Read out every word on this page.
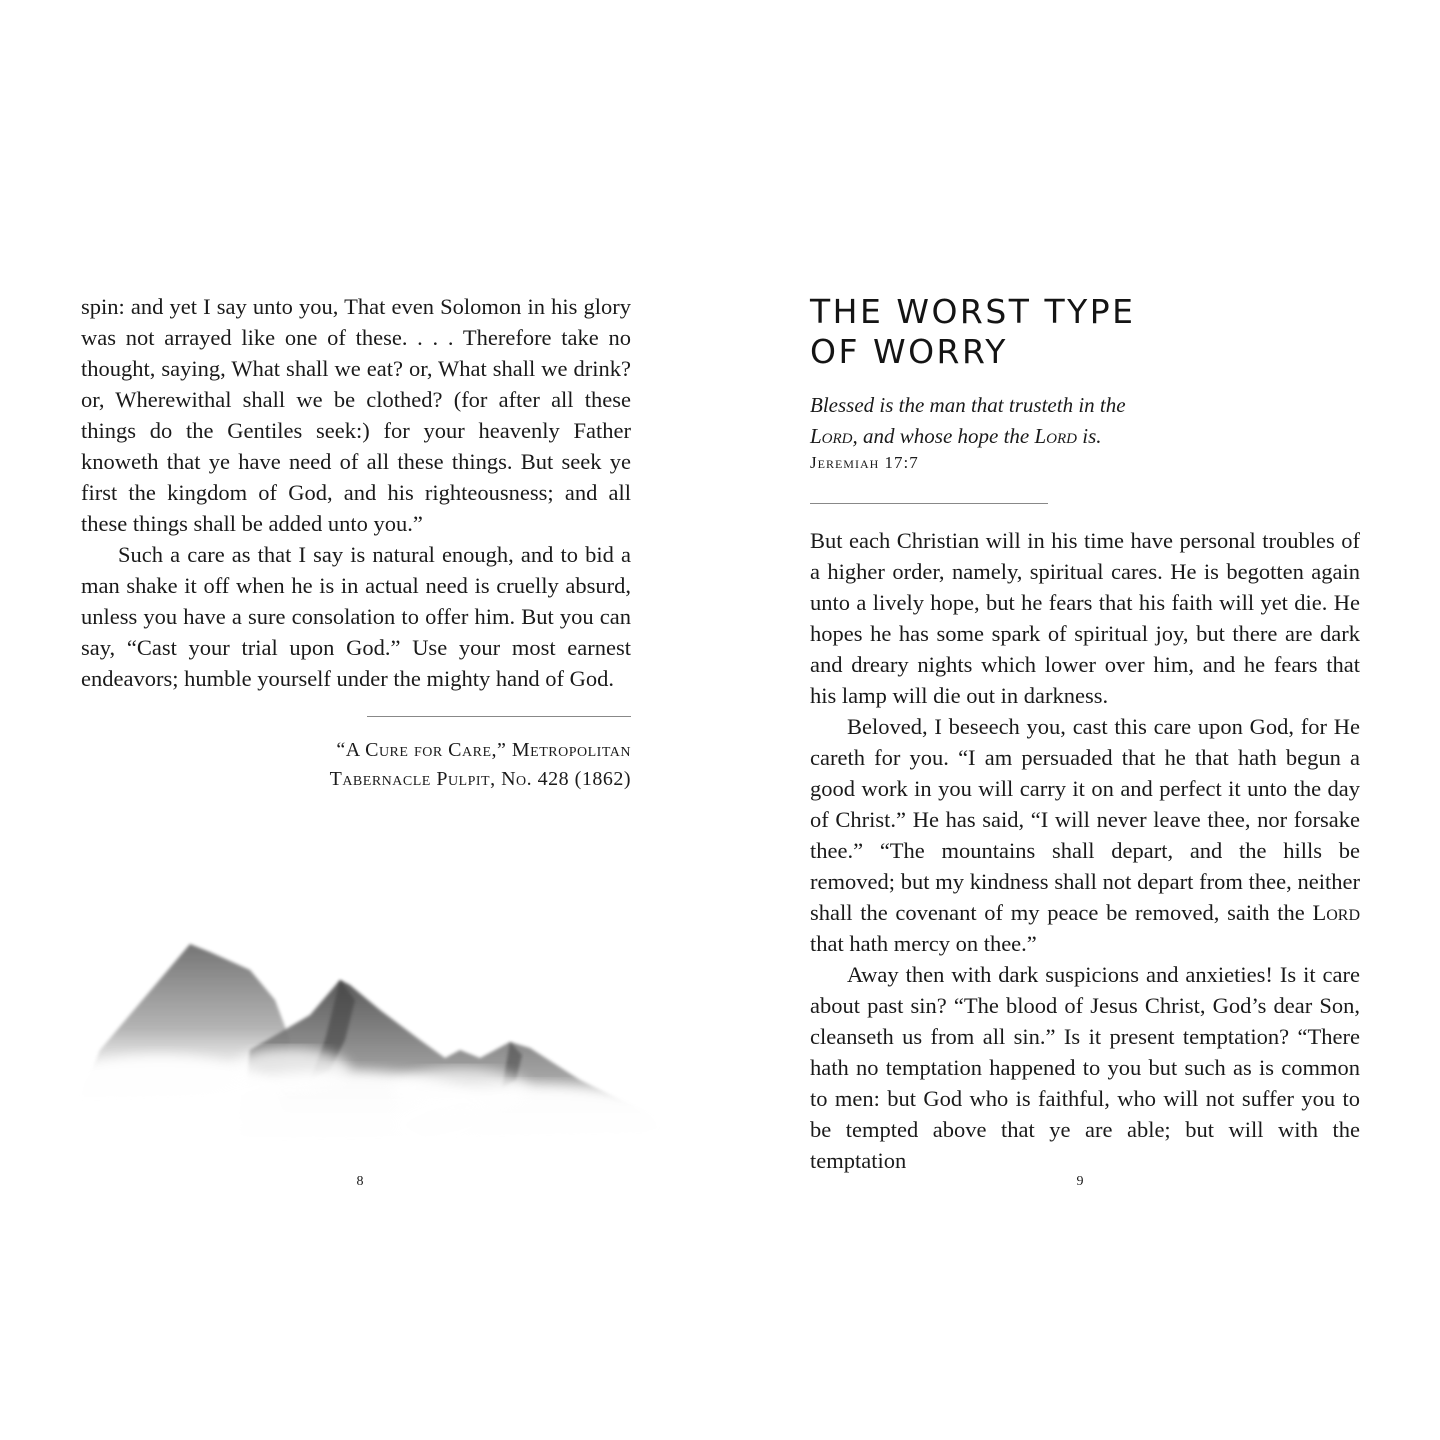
spin: and yet I say unto you, That even Solomon in his glory was not arrayed like one of these. . . . Therefore take no thought, saying, What shall we eat? or, What shall we drink? or, Wherewithal shall we be clothed? (for after all these things do the Gentiles seek:) for your heavenly Father knoweth that ye have need of all these things. But seek ye first the kingdom of God, and his righteousness; and all these things shall be added unto you.”

Such a care as that I say is natural enough, and to bid a man shake it off when he is in actual need is cruelly absurd, unless you have a sure consolation to offer him. But you can say, “Cast your trial upon God.” Use your most earnest endeavors; humble yourself under the mighty hand of God.

“A Cure for Care,” Metropolitan
Tabernacle Pulpit, No. 428 (1862)
8
THE WORST TYPE
OF WORRY
Blessed is the man that trusteth in the
Lord, and whose hope the Lord is.
Jeremiah 17:7

But each Christian will in his time have personal troubles of a higher order, namely, spiritual cares. He is begotten again unto a lively hope, but he fears that his faith will yet die. He hopes he has some spark of spiritual joy, but there are dark and dreary nights which lower over him, and he fears that his lamp will die out in darkness.

Beloved, I beseech you, cast this care upon God, for He careth for you. “I am persuaded that he that hath begun a good work in you will carry it on and perfect it unto the day of Christ.” He has said, “I will never leave thee, nor forsake thee.” “The mountains shall depart, and the hills be removed; but my kindness shall not depart from thee, neither shall the covenant of my peace be removed, saith the Lord that hath mercy on thee.”

Away then with dark suspicions and anxieties! Is it care about past sin? “The blood of Jesus Christ, God’s dear Son, cleanseth us from all sin.” Is it present temptation? “There hath no temptation happened to you but such as is common to men: but God who is faithful, who will not suffer you to be tempted above that ye are able; but will with the temptation

9
